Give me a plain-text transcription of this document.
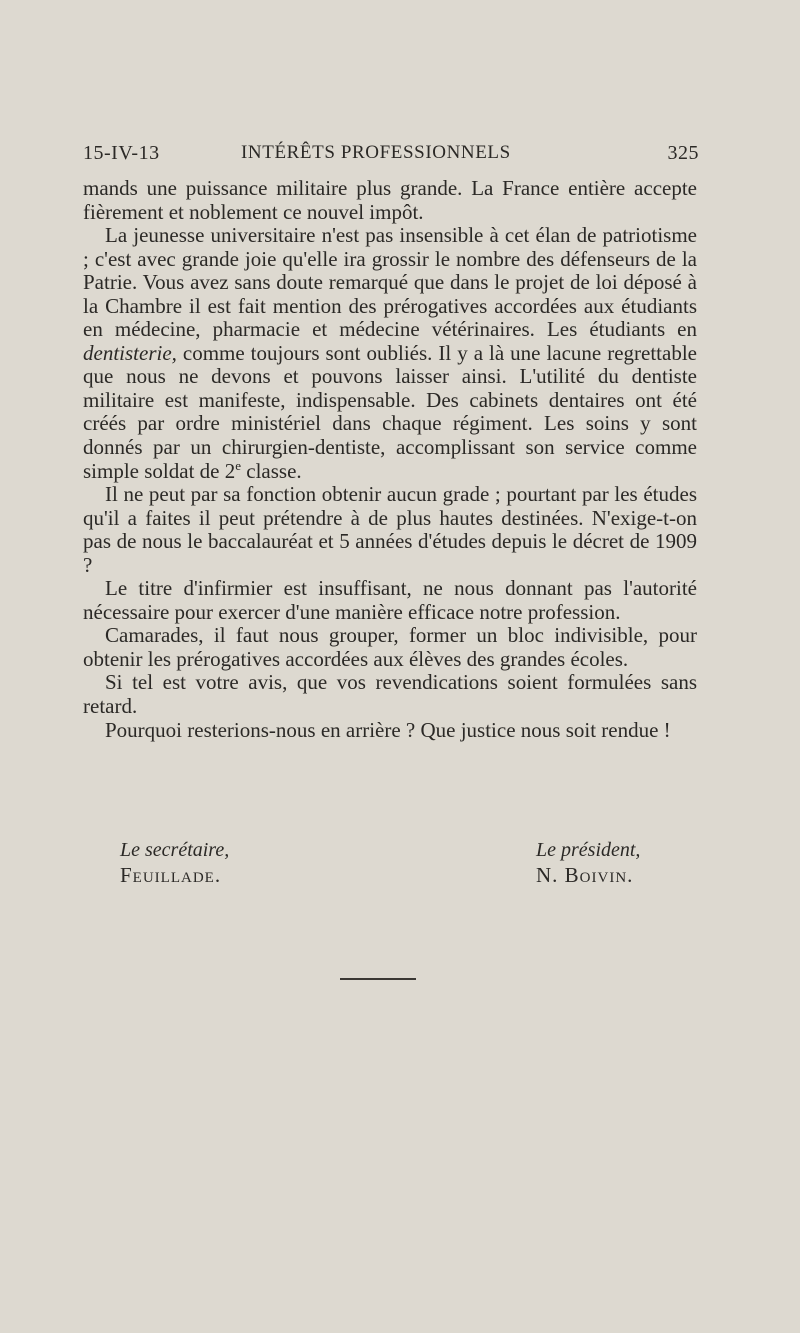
15-IV-13	INTÉRÊTS PROFESSIONNELS	325

mands une puissance militaire plus grande. La France entière accepte fièrement et noblement ce nouvel impôt.

La jeunesse universitaire n'est pas insensible à cet élan de patriotisme ; c'est avec grande joie qu'elle ira grossir le nombre des défenseurs de la Patrie. Vous avez sans doute remarqué que dans le projet de loi déposé à la Chambre il est fait mention des prérogatives accordées aux étudiants en médecine, pharmacie et médecine vétérinaires. Les étudiants en dentisterie, comme toujours sont oubliés. Il y a là une lacune regrettable que nous ne devons et pouvons laisser ainsi. L'utilité du dentiste militaire est manifeste, indispensable. Des cabinets dentaires ont été créés par ordre ministériel dans chaque régiment. Les soins y sont donnés par un chirurgien-dentiste, accomplissant son service comme simple soldat de 2e classe.

Il ne peut par sa fonction obtenir aucun grade ; pourtant par les études qu'il a faites il peut prétendre à de plus hautes destinées. N'exige-t-on pas de nous le baccalauréat et 5 années d'études depuis le décret de 1909 ?

Le titre d'infirmier est insuffisant, ne nous donnant pas l'autorité nécessaire pour exercer d'une manière efficace notre profession.

Camarades, il faut nous grouper, former un bloc indivisible, pour obtenir les prérogatives accordées aux élèves des grandes écoles.

Si tel est votre avis, que vos revendications soient formulées sans retard.

Pourquoi resterions-nous en arrière ? Que justice nous soit rendue !

Le secrétaire,
Feuillade.
Le président,
N. Boivin.
